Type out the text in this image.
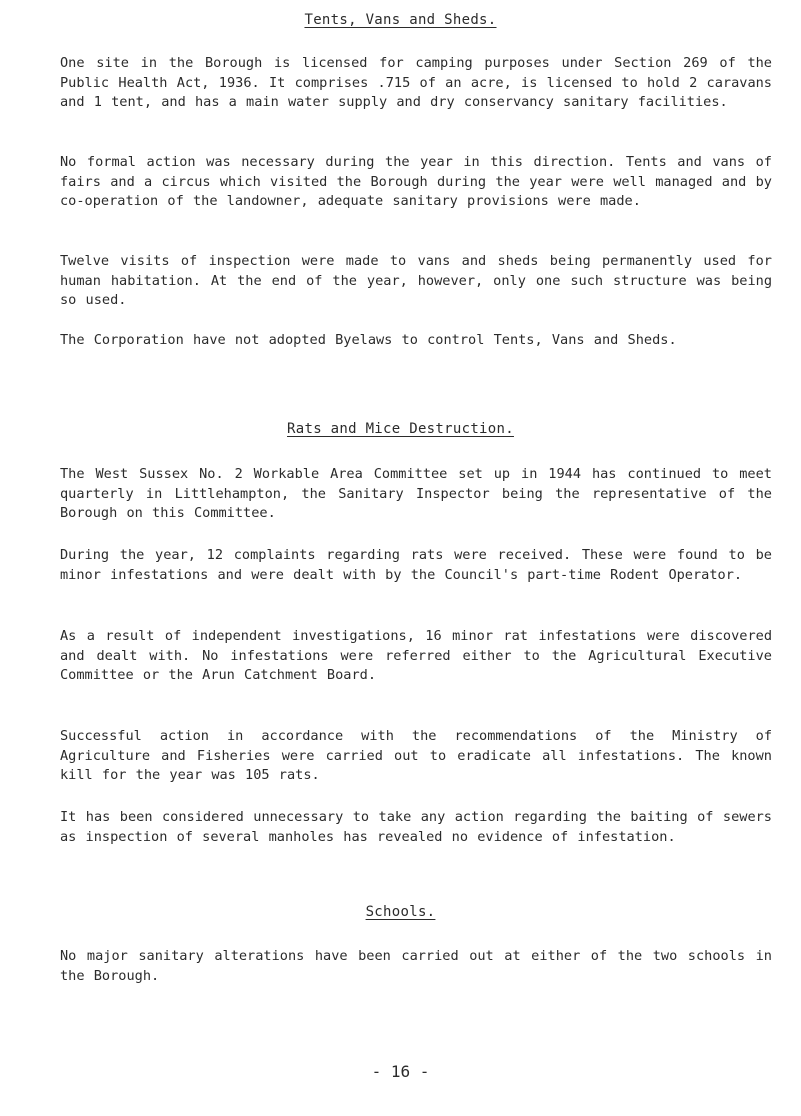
Tents, Vans and Sheds.

One site in the Borough is licensed for camping purposes under Section 269 of the Public Health Act, 1936. It comprises .715 of an acre, is licensed to hold 2 caravans and 1 tent, and has a main water supply and dry conservancy sanitary facilities.

No formal action was necessary during the year in this direction. Tents and vans of fairs and a circus which visited the Borough during the year were well managed and by co-operation of the landowner, adequate sanitary provisions were made.

Twelve visits of inspection were made to vans and sheds being permanently used for human habitation. At the end of the year, however, only one such structure was being so used.

The Corporation have not adopted Byelaws to control Tents, Vans and Sheds.

Rats and Mice Destruction.

The West Sussex No. 2 Workable Area Committee set up in 1944 has continued to meet quarterly in Littlehampton, the Sanitary Inspector being the representative of the Borough on this Committee.

During the year, 12 complaints regarding rats were received. These were found to be minor infestations and were dealt with by the Council's part-time Rodent Operator.

As a result of independent investigations, 16 minor rat infestations were discovered and dealt with. No infestations were referred either to the Agricultural Executive Committee or the Arun Catchment Board.

Successful action in accordance with the recommendations of the Ministry of Agriculture and Fisheries were carried out to eradicate all infestations. The known kill for the year was 105 rats.

It has been considered unnecessary to take any action regarding the baiting of sewers as inspection of several manholes has revealed no evidence of infestation.

Schools.

No major sanitary alterations have been carried out at either of the two schools in the Borough.

- 16 -
